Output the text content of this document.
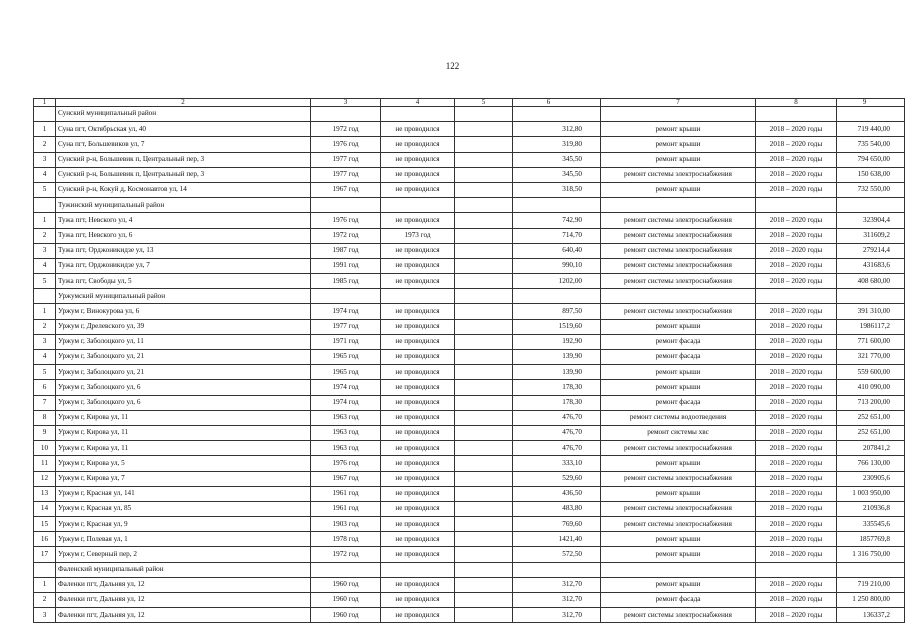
122
1	2	3	4	5	6	7	8	9
	Сунский муниципальный район							
1	Суна пгт, Октябрьская ул, 40	1972 год	не проводился		312,80	ремонт крыши	2018 – 2020 годы	719 440,00
2	Суна пгт, Большевиков ул, 7	1976 год	не проводился		319,80	ремонт крыши	2018 – 2020 годы	735 540,00
3	Сунский р-н, Большевик п, Центральный пер, 3	1977 год	не проводился		345,50	ремонт крыши	2018 – 2020 годы	794 650,00
4	Сунский р-н, Большевик п, Центральный пер, 3	1977 год	не проводился		345,50	ремонт системы электроснабжения	2018 – 2020 годы	150 638,00
5	Сунский р-н, Кокуй д, Космонавтов ул, 14	1967 год	не проводился		318,50	ремонт крыши	2018 – 2020 годы	732 550,00
	Тужинский муниципальный район							
1	Тужа пгт, Невского ул, 4	1976 год	не проводился		742,90	ремонт системы электроснабжения	2018 – 2020 годы	323904,4
2	Тужа пгт, Невского ул, 6	1972 год	1973 год		714,70	ремонт системы электроснабжения	2018 – 2020 годы	311609,2
3	Тужа пгт, Орджоникидзе ул, 13	1987 год	не проводился		640,40	ремонт системы электроснабжения	2018 – 2020 годы	279214,4
4	Тужа пгт, Орджоникидзе ул, 7	1991 год	не проводился		990,10	ремонт системы электроснабжения	2018 – 2020 годы	431683,6
5	Тужа пгт, Свободы ул, 5	1985 год	не проводился		1202,00	ремонт системы электроснабжения	2018 – 2020 годы	408 680,00
	Уржумский муниципальный район							
1	Уржум г, Винокурова ул, 6	1974 год	не проводился		897,50	ремонт системы электроснабжения	2018 – 2020 годы	391 310,00
2	Уржум г, Дрелевского ул, 39	1977 год	не проводился		1519,60	ремонт крыши	2018 – 2020 годы	1986117,2
3	Уржум г, Заболоцкого ул, 11	1971 год	не проводился		192,90	ремонт фасада	2018 – 2020 годы	771 600,00
4	Уржум г, Заболоцкого ул, 21	1965 год	не проводился		139,90	ремонт фасада	2018 – 2020 годы	321 770,00
5	Уржум г, Заболоцкого ул, 21	1965 год	не проводился		139,90	ремонт крыши	2018 – 2020 годы	559 600,00
6	Уржум г, Заболоцкого ул, 6	1974 год	не проводился		178,30	ремонт крыши	2018 – 2020 годы	410 090,00
7	Уржум г, Заболоцкого ул, 6	1974 год	не проводился		178,30	ремонт фасада	2018 – 2020 годы	713 200,00
8	Уржум г, Кирова ул, 11	1963 год	не проводился		476,70	ремонт системы водоотведения	2018 – 2020 годы	252 651,00
9	Уржум г, Кирова ул, 11	1963 год	не проводился		476,70	ремонт системы хвс	2018 – 2020 годы	252 651,00
10	Уржум г, Кирова ул, 11	1963 год	не проводился		476,70	ремонт системы электроснабжения	2018 – 2020 годы	207841,2
11	Уржум г, Кирова ул, 5	1976 год	не проводился		333,10	ремонт крыши	2018 – 2020 годы	766 130,00
12	Уржум г, Кирова ул, 7	1967 год	не проводился		529,60	ремонт системы электроснабжения	2018 – 2020 годы	230905,6
13	Уржум г, Красная ул, 141	1961 год	не проводился		436,50	ремонт крыши	2018 – 2020 годы	1 003 950,00
14	Уржум г, Красная ул, 85	1961 год	не проводился		483,80	ремонт системы электроснабжения	2018 – 2020 годы	210936,8
15	Уржум г, Красная ул, 9	1903 год	не проводился		769,60	ремонт системы электроснабжения	2018 – 2020 годы	335545,6
16	Уржум г, Полевая ул, 1	1978 год	не проводился		1421,40	ремонт крыши	2018 – 2020 годы	1857769,8
17	Уржум г, Северный пер, 2	1972 год	не проводился		572,50	ремонт крыши	2018 – 2020 годы	1 316 750,00
	Фаленский муниципальный район							
1	Фаленки пгт, Дальняя ул, 12	1960 год	не проводился		312,70	ремонт крыши	2018 – 2020 годы	719 210,00
2	Фаленки пгт, Дальняя ул, 12	1960 год	не проводился		312,70	ремонт фасада	2018 – 2020 годы	1 250 800,00
3	Фаленки пгт, Дальняя ул, 12	1960 год	не проводился		312,70	ремонт системы электроснабжения	2018 – 2020 годы	136337,2
